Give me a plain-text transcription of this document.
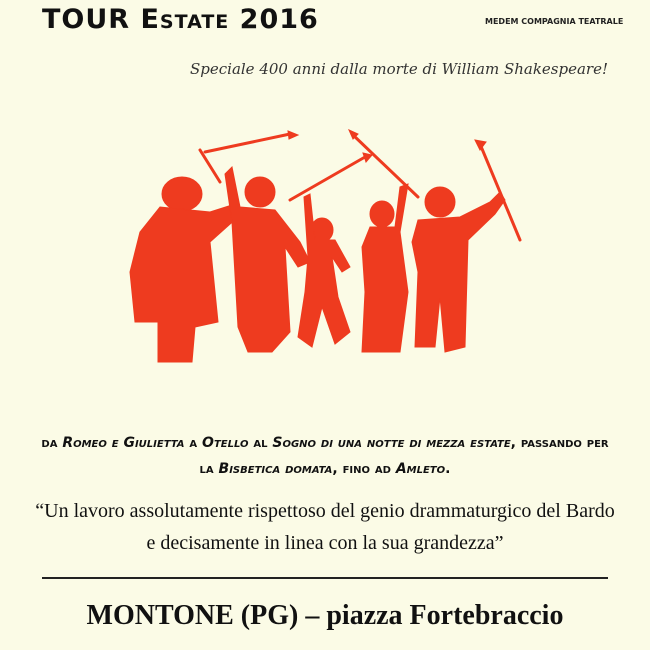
TOUR Estate 2016	MEDEM COMPAGNIA TEATRALE
Speciale 400 anni dalla morte di William Shakespeare!
da Romeo e Giulietta a Otello al Sogno di una notte di mezza estate, passando per la Bisbetica domata, fino ad Amleto.
“Un lavoro assolutamente rispettoso del genio drammaturgico del Bardo e decisamente in linea con la sua grandezza”
MONTONE (PG) – piazza Fortebraccio
